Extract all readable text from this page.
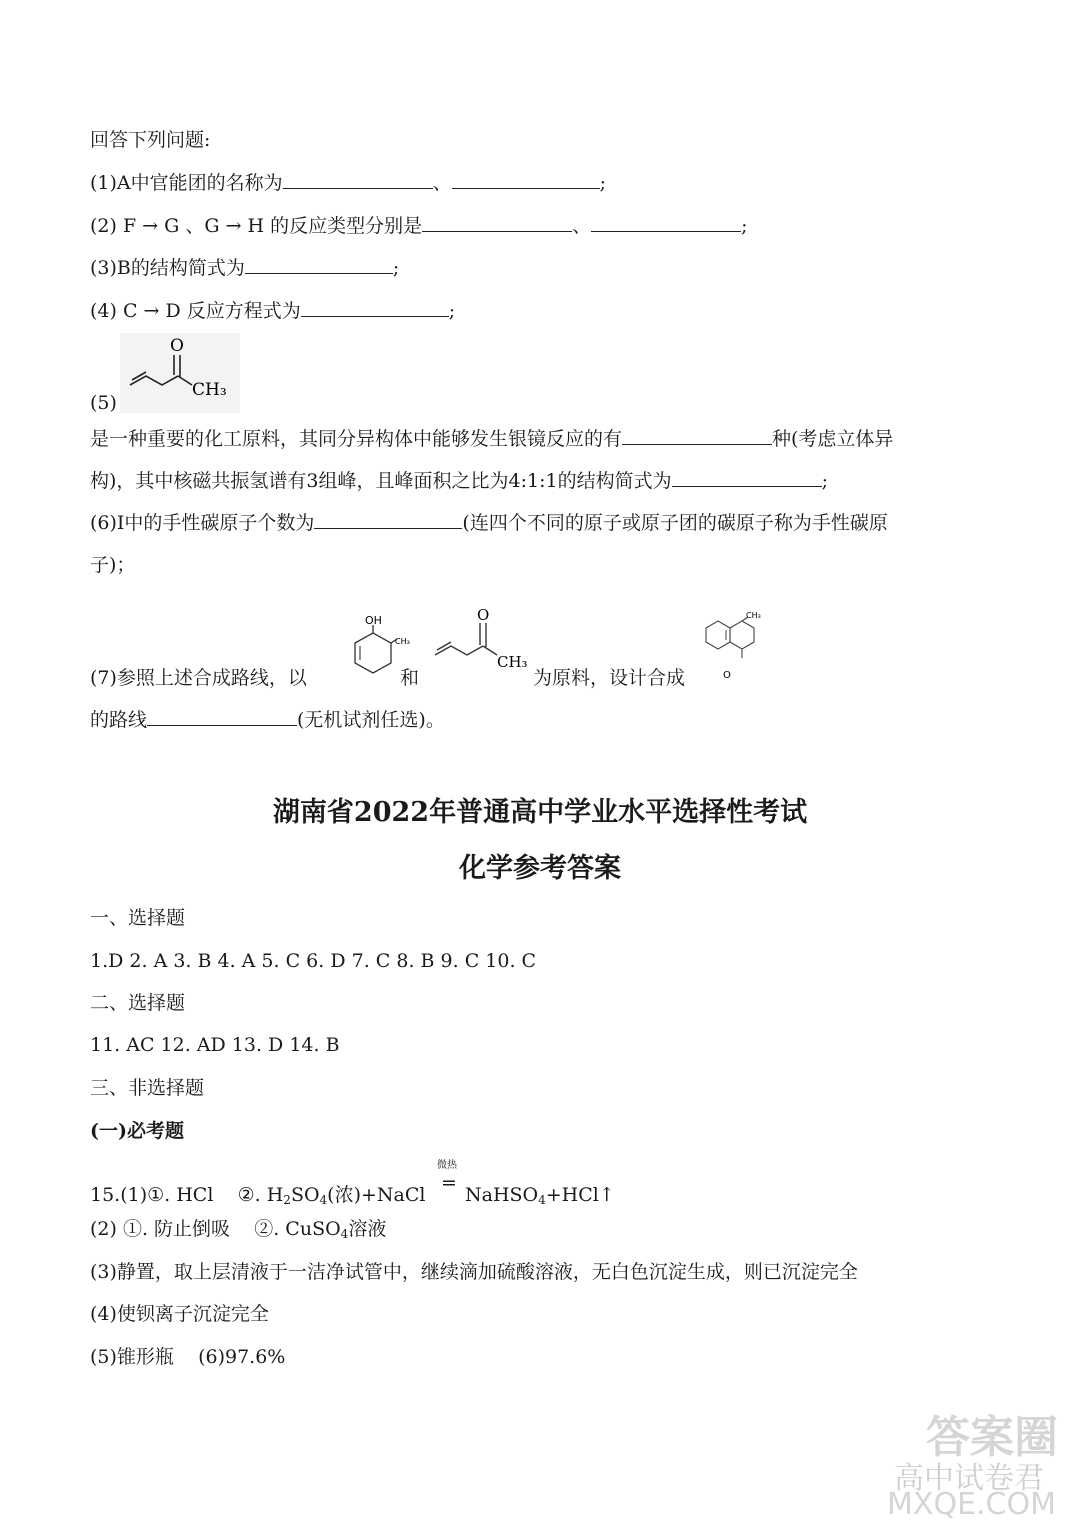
回答下列问题:
(1)A中官能团的名称为	、	;
(2) F → G 、G → H 的反应类型分别是	、	;
(3)B的结构简式为	;
(4) C → D 反应方程式为	;
(5)
O
CH₃
是一种重要的化工原料，其同分异构体中能够发生银镜反应的有	种(考虑立体异
构)，其中核磁共振氢谱有3组峰，且峰面积之比为4:1:1的结构简式为	;
(6)I中的手性碳原子个数为	(连四个不同的原子或原子团的碳原子称为手性碳原
子)；
(7)参照上述合成路线，以
OH
CH₃
和
O
CH₃
为原料，设计合成
CH₃
O
的路线	(无机试剂任选)。
湖南省2022年普通高中学业水平选择性考试
化学参考答案
一、选择题
1.D 2. A 3. B 4. A 5. C 6. D 7. C 8. B 9. C 10. C
二、选择题
11. AC 12. AD 13. D 14. B
三、非选择题
(一)必考题
微热
15.(1)①. HCl ②. $H_2SO_4$(浓)+NaCl
=
NaHSO$_4$+HCl↑
(2) ①. 防止倒吸 ②. CuSO$_4$溶液
(3)静置，取上层清液于一洁净试管中，继续滴加硫酸溶液，无白色沉淀生成，则已沉淀完全
(4)使钡离子沉淀完全
(5)锥形瓶 (6)97.6%
答案圈
高中试卷君
MXQE.COM
